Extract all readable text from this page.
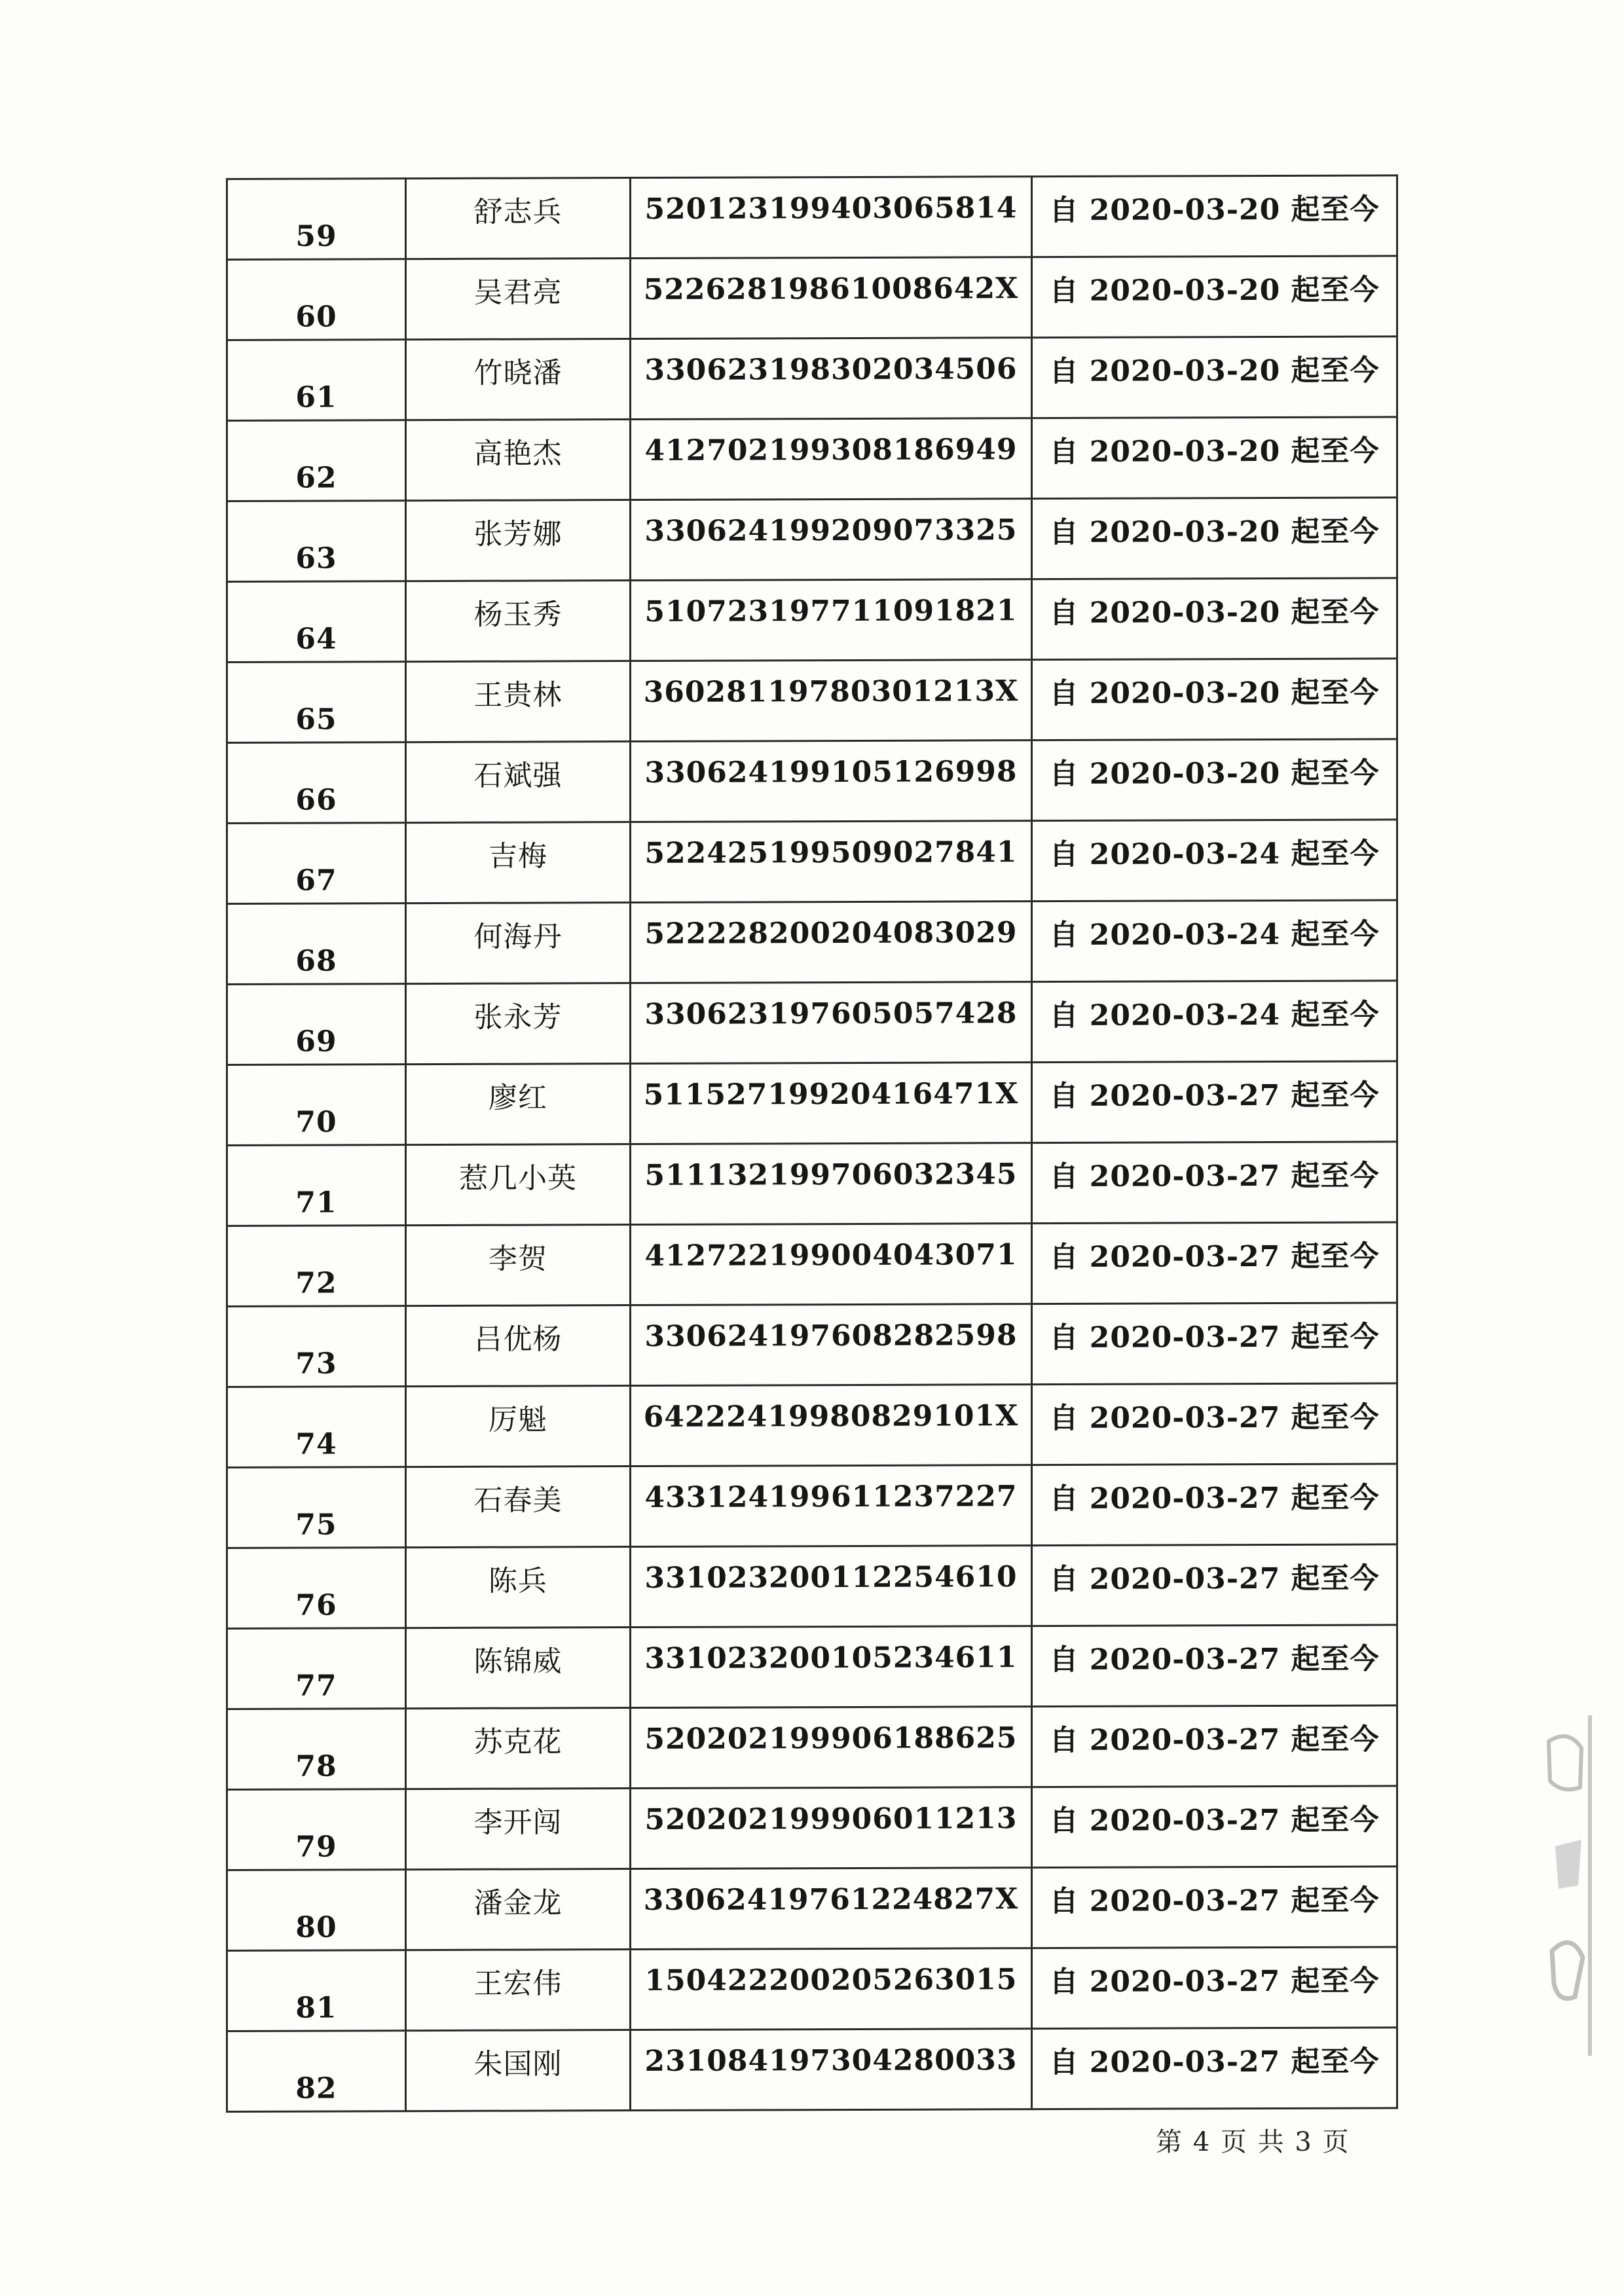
59	舒志兵	520123199403065814	自 2020-03-20 起至今
60	吴君亮	52262819861008642X	自 2020-03-20 起至今
61	竹晓潘	330623198302034506	自 2020-03-20 起至今
62	高艳杰	412702199308186949	自 2020-03-20 起至今
63	张芳娜	330624199209073325	自 2020-03-20 起至今
64	杨玉秀	510723197711091821	自 2020-03-20 起至今
65	王贵林	36028119780301213X	自 2020-03-20 起至今
66	石斌强	330624199105126998	自 2020-03-20 起至今
67	吉梅	522425199509027841	自 2020-03-24 起至今
68	何海丹	522228200204083029	自 2020-03-24 起至今
69	张永芳	330623197605057428	自 2020-03-24 起至今
70	廖红	51152719920416471X	自 2020-03-27 起至今
71	惹几小英	511132199706032345	自 2020-03-27 起至今
72	李贺	412722199004043071	自 2020-03-27 起至今
73	吕优杨	330624197608282598	自 2020-03-27 起至今
74	厉魁	64222419980829101X	自 2020-03-27 起至今
75	石春美	433124199611237227	自 2020-03-27 起至今
76	陈兵	331023200112254610	自 2020-03-27 起至今
77	陈锦威	331023200105234611	自 2020-03-27 起至今
78	苏克花	520202199906188625	自 2020-03-27 起至今
79	李开闯	520202199906011213	自 2020-03-27 起至今
80	潘金龙	33062419761224827X	自 2020-03-27 起至今
81	王宏伟	150422200205263015	自 2020-03-27 起至今
82	朱国刚	231084197304280033	自 2020-03-27 起至今
第 4 页 共 3 页
